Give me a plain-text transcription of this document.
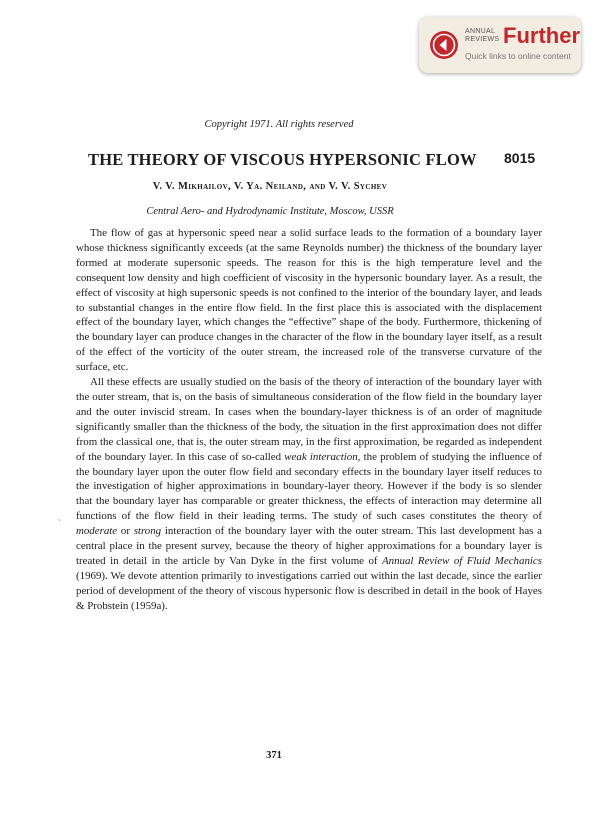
ANNUAL
REVIEWS Further
Quick links to online content
Copyright 1971. All rights reserved
THE THEORY OF VISCOUS HYPERSONIC FLOW 8015
V. V. Mikhailov, V. Ya. Neiland, and V. V. Sychev
Central Aero- and Hydrodynamic Institute, Moscow, USSR

The flow of gas at hypersonic speed near a solid surface leads to the formation of a boundary layer whose thickness significantly exceeds (at the same Reynolds number) the thickness of the boundary layer formed at moderate supersonic speeds. The reason for this is the high temperature level and the consequent low density and high coefficient of viscosity in the hypersonic boundary layer. As a result, the effect of viscosity at high supersonic speeds is not confined to the interior of the boundary layer, and leads to substantial changes in the entire flow field. In the first place this is associated with the displacement effect of the boundary layer, which changes the “effective” shape of the body. Furthermore, thickening of the boundary layer can produce changes in the character of the flow in the boundary layer itself, as a result of the effect of the vorticity of the outer stream, the increased role of the transverse curvature of the surface, etc.

All these effects are usually studied on the basis of the theory of interaction of the boundary layer with the outer stream, that is, on the basis of simultaneous consideration of the flow field in the boundary layer and the outer inviscid stream. In cases when the boundary-layer thickness is of an order of magnitude significantly smaller than the thickness of the body, the situation in the first approximation does not differ from the classical one, that is, the outer stream may, in the first approximation, be regarded as independent of the boundary layer. In this case of so-called weak interaction, the problem of studying the influence of the boundary layer upon the outer flow field and secondary effects in the boundary layer itself reduces to the investigation of higher approximations in boundary-layer theory. However if the body is so slender that the boundary layer has comparable or greater thickness, the effects of interaction may determine all functions of the flow field in their leading terms. The study of such cases constitutes the theory of moderate or strong interaction of the boundary layer with the outer stream. This last development has a central place in the present survey, because the theory of higher approximations for a boundary layer is treated in detail in the article by Van Dyke in the first volume of Annual Review of Fluid Mechanics (1969). We devote attention primarily to investigations carried out within the last decade, since the earlier period of development of the theory of viscous hypersonic flow is described in detail in the book of Hayes & Probstein (1959a).

ˎ
371
